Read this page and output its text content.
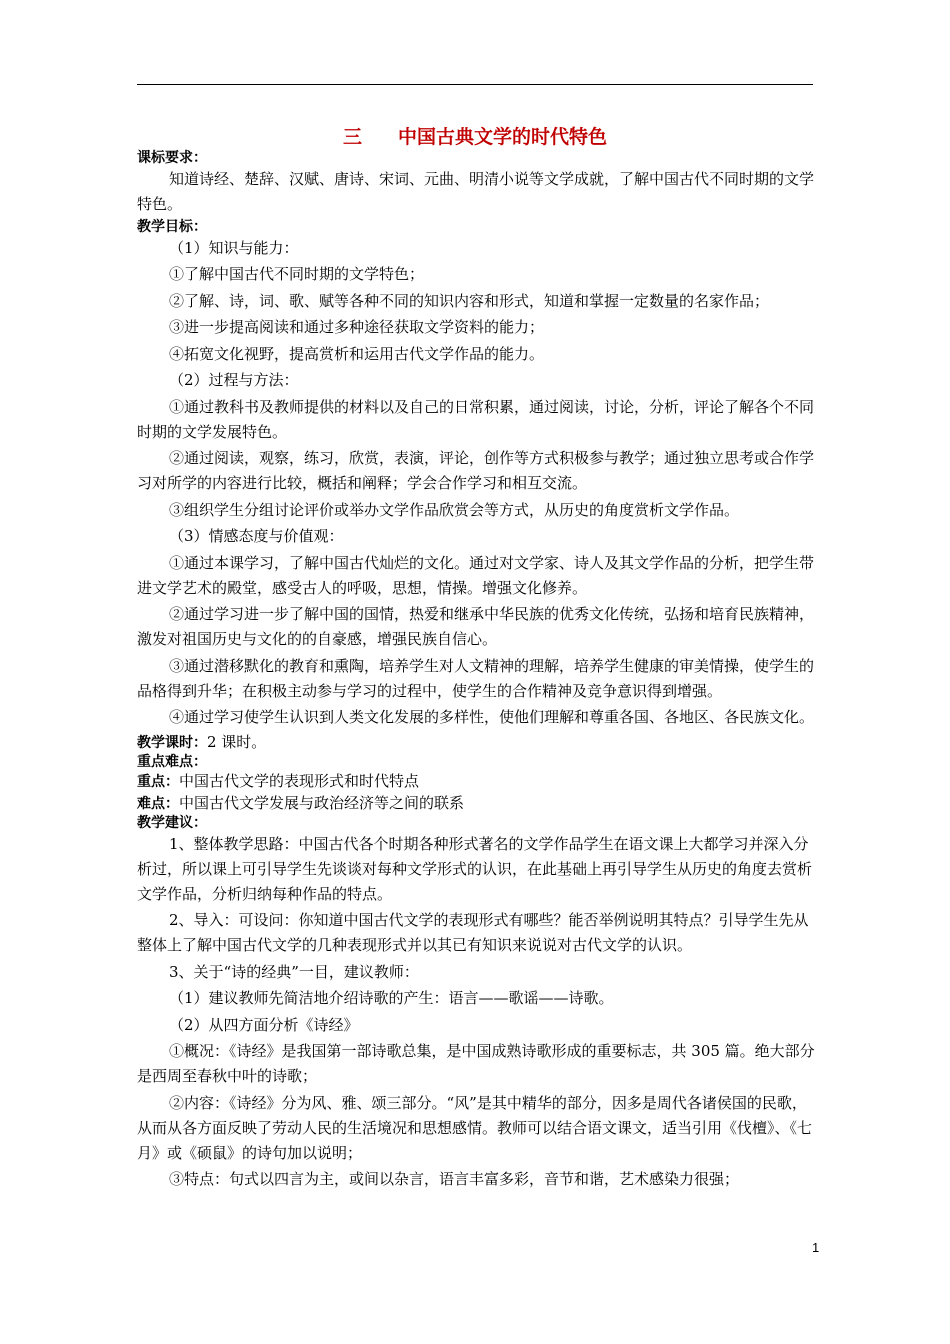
三 中国古典文学的时代特色

课标要求：

知道诗经、楚辞、汉赋、唐诗、宋词、元曲、明清小说等文学成就，了解中国古代不同时期的文学特色。

教学目标：

（1）知识与能力：

①了解中国古代不同时期的文学特色；

②了解、诗，词、歌、赋等各种不同的知识内容和形式，知道和掌握一定数量的名家作品；

③进一步提高阅读和通过多种途径获取文学资料的能力；

④拓宽文化视野，提高赏析和运用古代文学作品的能力。

（2）过程与方法：

①通过教科书及教师提供的材料以及自己的日常积累，通过阅读，讨论，分析，评论了解各个不同时期的文学发展特色。

②通过阅读，观察，练习，欣赏，表演，评论，创作等方式积极参与教学；通过独立思考或合作学习对所学的内容进行比较，概括和阐释；学会合作学习和相互交流。

③组织学生分组讨论评价或举办文学作品欣赏会等方式，从历史的角度赏析文学作品。

（3）情感态度与价值观：

①通过本课学习，了解中国古代灿烂的文化。通过对文学家、诗人及其文学作品的分析，把学生带进文学艺术的殿堂，感受古人的呼吸，思想，情操。增强文化修养。

②通过学习进一步了解中国的国情，热爱和继承中华民族的优秀文化传统，弘扬和培育民族精神，激发对祖国历史与文化的的自豪感，增强民族自信心。

③通过潜移默化的教育和熏陶，培养学生对人文精神的理解，培养学生健康的审美情操，使学生的品格得到升华；在积极主动参与学习的过程中，使学生的合作精神及竞争意识得到增强。

④通过学习使学生认识到人类文化发展的多样性，使他们理解和尊重各国、各地区、各民族文化。

教学课时：2 课时。

重点难点：

重点：中国古代文学的表现形式和时代特点

难点：中国古代文学发展与政治经济等之间的联系

教学建议：

1、整体教学思路：中国古代各个时期各种形式著名的文学作品学生在语文课上大都学习并深入分析过，所以课上可引导学生先谈谈对每种文学形式的认识，在此基础上再引导学生从历史的角度去赏析文学作品，分析归纳每种作品的特点。

2、导入：可设问：你知道中国古代文学的表现形式有哪些？能否举例说明其特点？引导学生先从整体上了解中国古代文学的几种表现形式并以其已有知识来说说对古代文学的认识。

3、关于“诗的经典”一目，建议教师：

（1）建议教师先简洁地介绍诗歌的产生：语言——歌谣——诗歌。

（2）从四方面分析《诗经》

①概况：《诗经》是我国第一部诗歌总集，是中国成熟诗歌形成的重要标志，共 305 篇。绝大部分是西周至春秋中叶的诗歌；

②内容：《诗经》分为风、雅、颂三部分。“风”是其中精华的部分，因多是周代各诸侯国的民歌，从而从各方面反映了劳动人民的生活境况和思想感情。教师可以结合语文课文，适当引用《伐檀》、《七月》或《硕鼠》的诗句加以说明；

③特点：句式以四言为主，或间以杂言，语言丰富多彩，音节和谐，艺术感染力很强；

1
